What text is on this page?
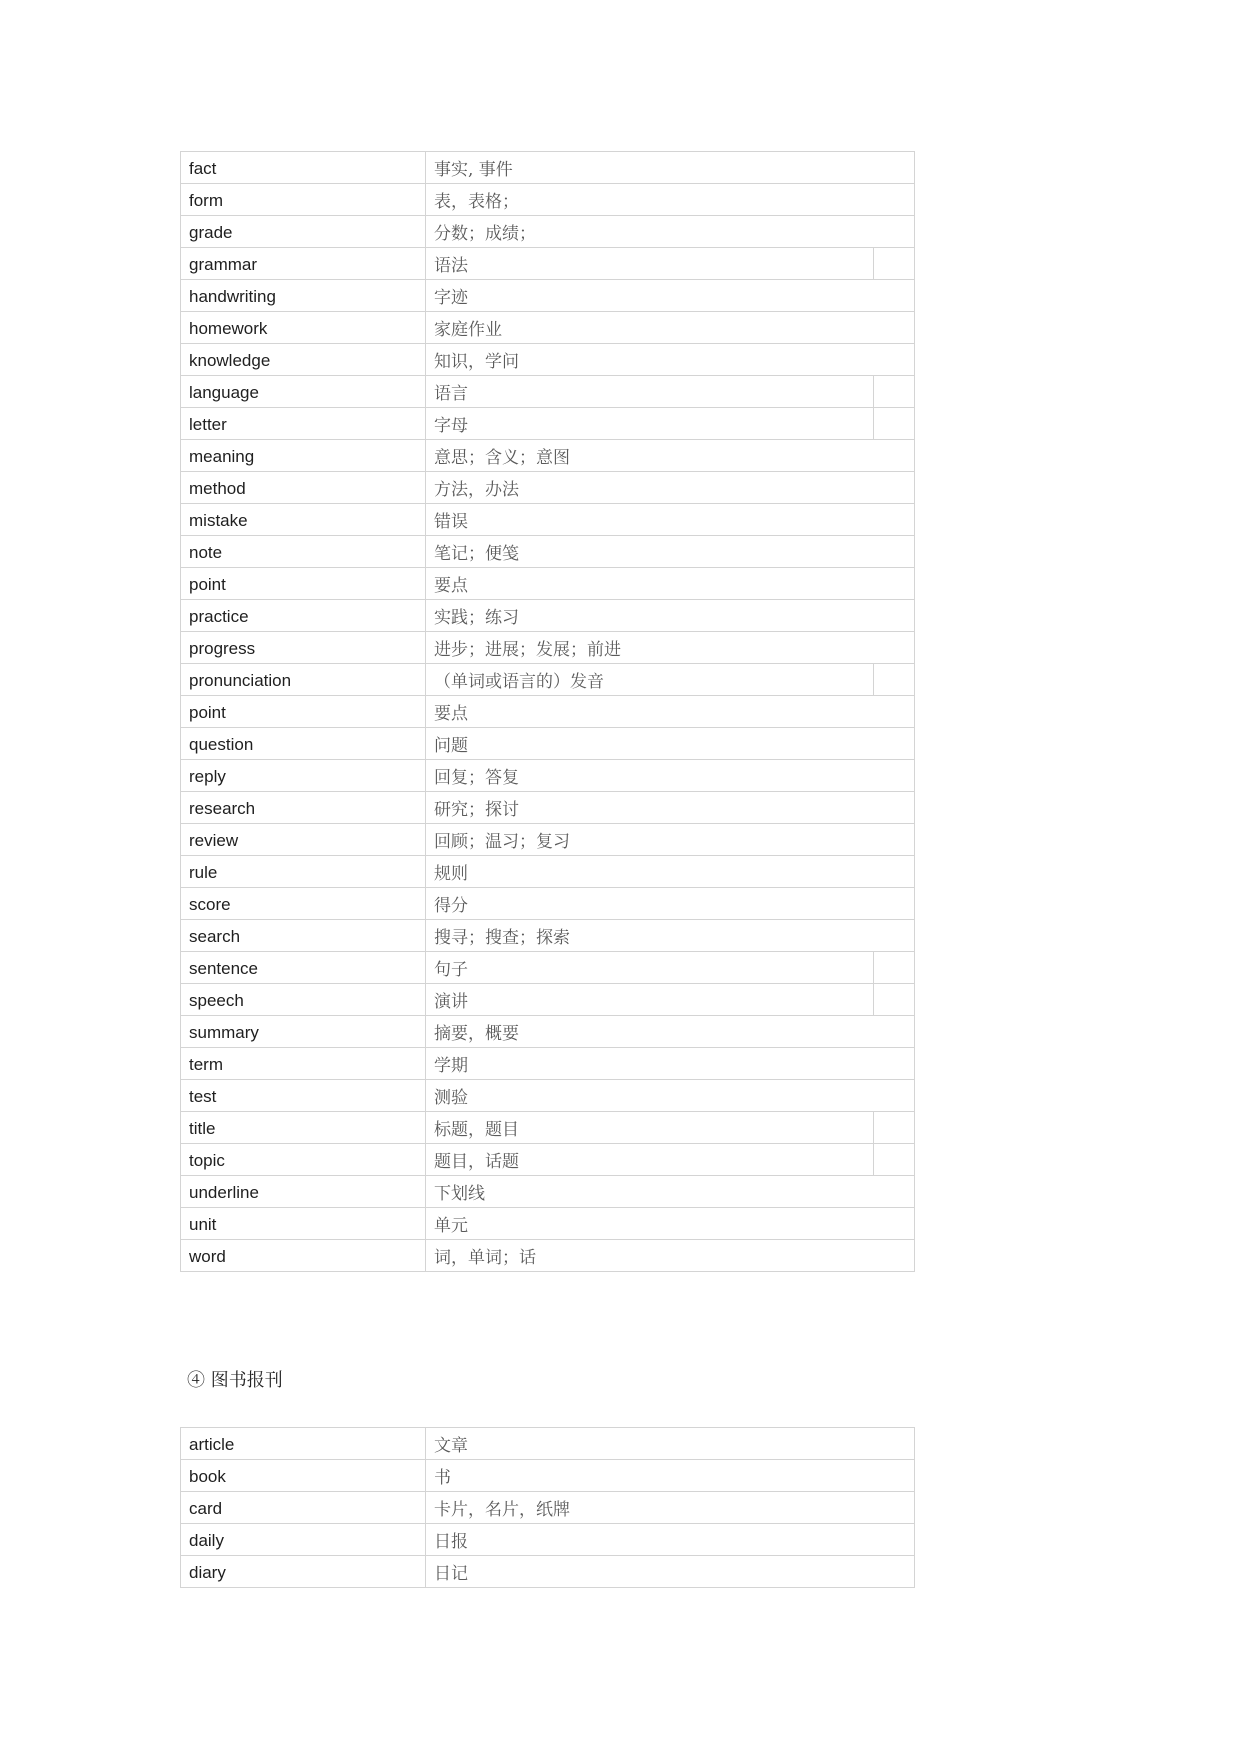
fact	事实, 事件
form	表，表格；
grade	分数；成绩；
grammar	语法

handwriting	字迹
homework	家庭作业
knowledge	知识，学问
language	语言

letter	字母

meaning	意思；含义；意图
method	方法，办法
mistake	错误
note	笔记；便笺
point	要点
practice	实践；练习
progress	进步；进展；发展；前进
pronunciation	（单词或语言的）发音

point	要点
question	问题
reply	回复；答复
research	研究；探讨
review	回顾；温习；复习
rule	规则
score	得分
search	搜寻；搜查；探索
sentence	句子

speech	演讲

summary	摘要，概要
term	学期
test	测验
title	标题，题目

topic	题目，话题

underline	下划线
unit	单元
word	词，单词；话
④ 图书报刊
article	文章
book	书
card	卡片，名片，纸牌
daily	日报
diary	日记
